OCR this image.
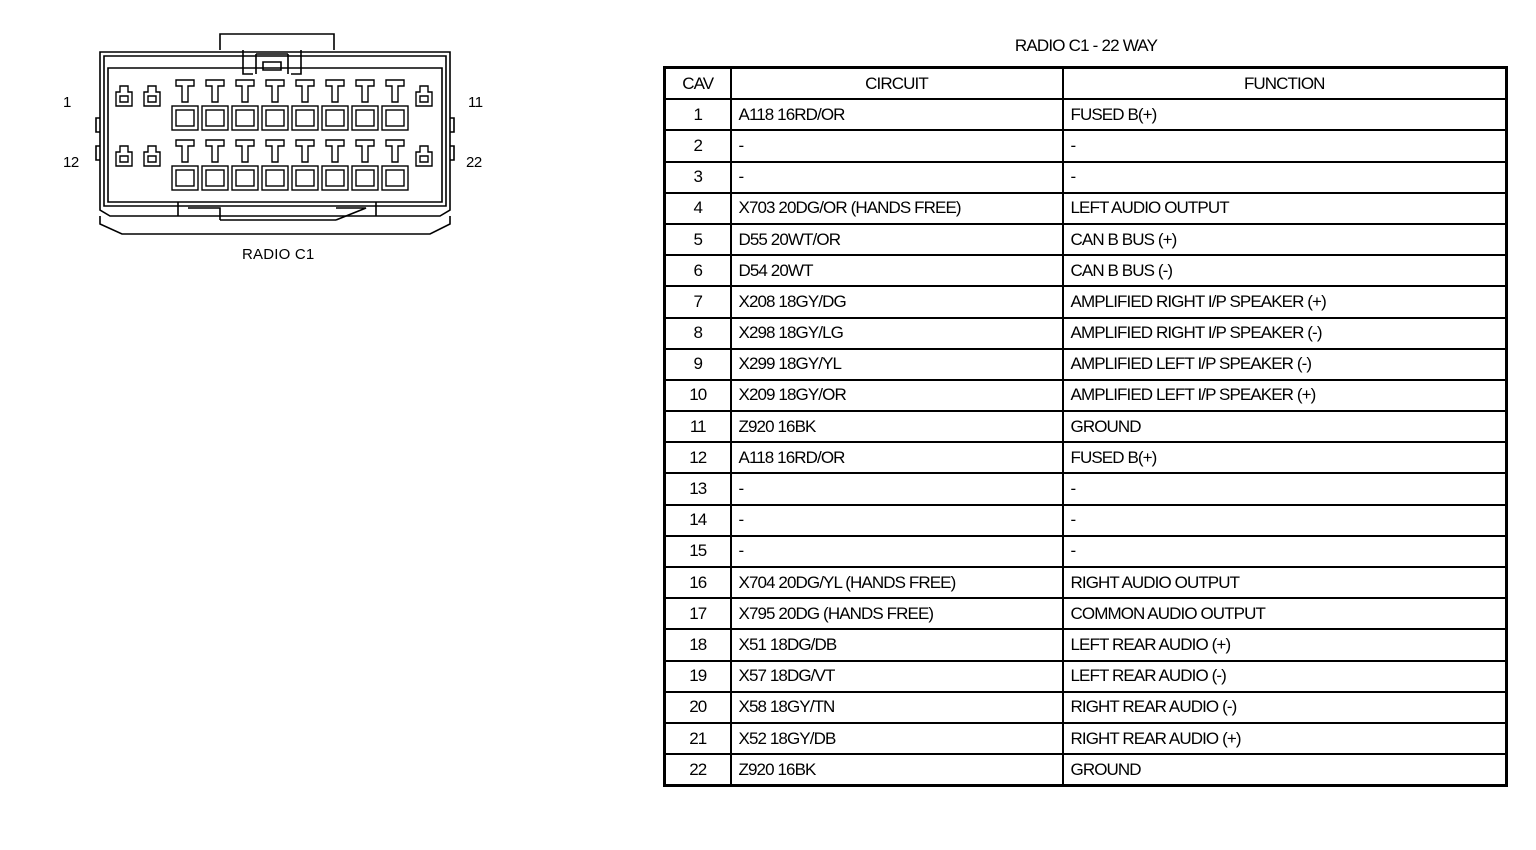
1	11
12	22
RADIO C1
RADIO C1 - 22 WAY
CAV	CIRCUIT	FUNCTION
1	A118 16RD/OR	FUSED B(+)
2	-	-
3	-	-
4	X703 20DG/OR (HANDS FREE)	LEFT AUDIO OUTPUT
5	D55 20WT/OR	CAN B BUS (+)
6	D54 20WT	CAN B BUS (-)
7	X208 18GY/DG	AMPLIFIED RIGHT I/P SPEAKER (+)
8	X298 18GY/LG	AMPLIFIED RIGHT I/P SPEAKER (-)
9	X299 18GY/YL	AMPLIFIED LEFT I/P SPEAKER (-)
10	X209 18GY/OR	AMPLIFIED LEFT I/P SPEAKER (+)
11	Z920 16BK	GROUND
12	A118 16RD/OR	FUSED B(+)
13	-	-
14	-	-
15	-	-
16	X704 20DG/YL (HANDS FREE)	RIGHT AUDIO OUTPUT
17	X795 20DG (HANDS FREE)	COMMON AUDIO OUTPUT
18	X51 18DG/DB	LEFT REAR AUDIO (+)
19	X57 18DG/VT	LEFT REAR AUDIO (-)
20	X58 18GY/TN	RIGHT REAR AUDIO (-)
21	X52 18GY/DB	RIGHT REAR AUDIO (+)
22	Z920 16BK	GROUND
